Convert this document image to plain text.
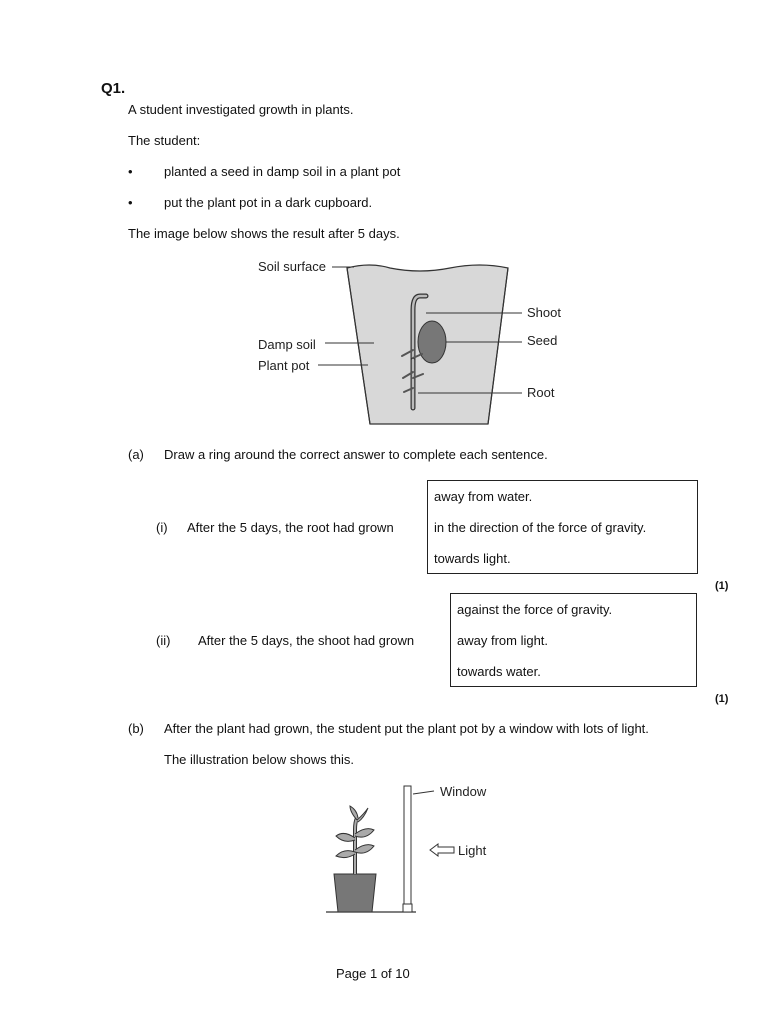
Q1.
A student investigated growth in plants.
The student:
• planted a seed in damp soil in a plant pot
• put the plant pot in a dark cupboard.
The image below shows the result after 5 days.
Soil surface
Damp soil
Plant pot
Shoot
Seed
Root
(a) Draw a ring around the correct answer to complete each sentence.
(i) After the 5 days, the root had grown
away from water.
in the direction of the force of gravity.
towards light.
(1)
(ii) After the 5 days, the shoot had grown
against the force of gravity.
away from light.
towards water.
(1)
(b) After the plant had grown, the student put the plant pot by a window with lots of light.
The illustration below shows this.
Window
Light
Page 1 of 10
